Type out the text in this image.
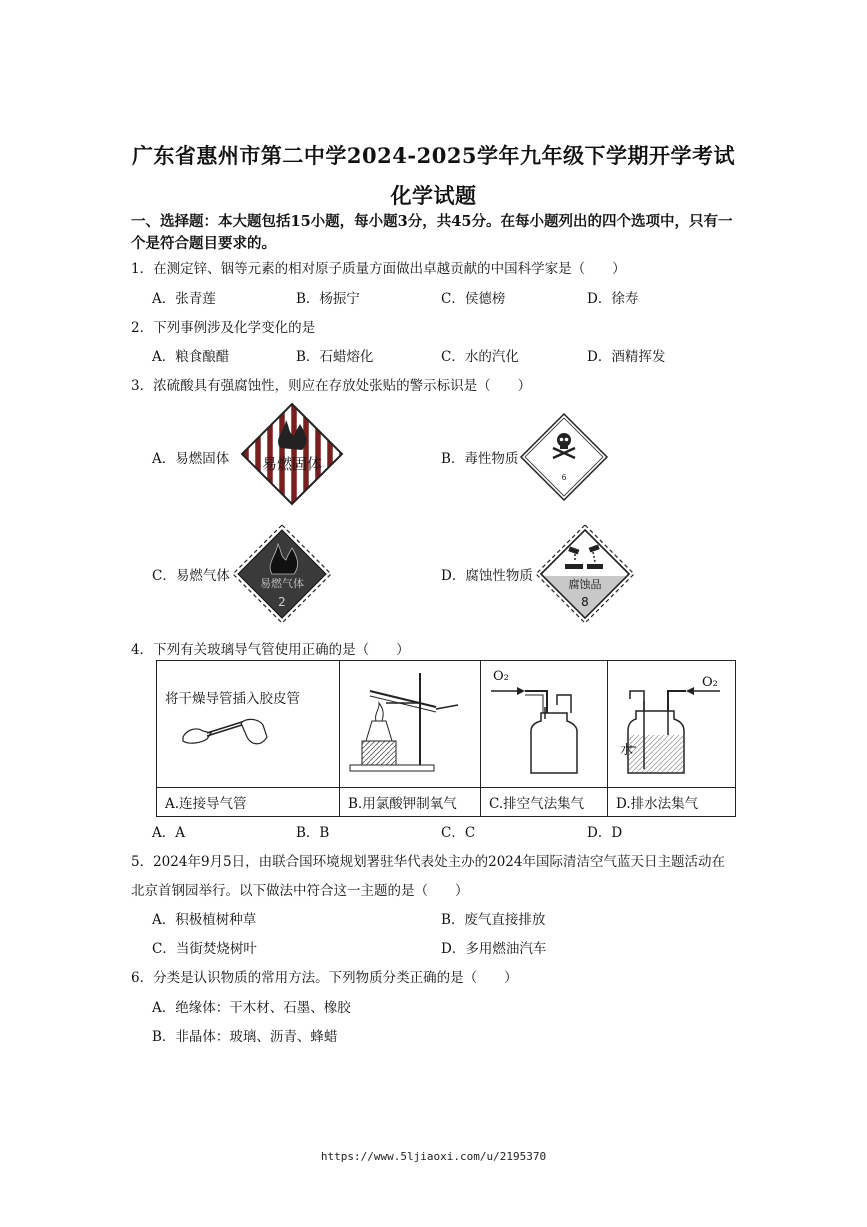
广东省惠州市第二中学2024-2025学年九年级下学期开学考试
化学试题
一、选择题：本大题包括15小题，每小题3分，共45分。在每小题列出的四个选项中，只有一个是符合题目要求的。
1．在测定锌、铟等元素的相对原子质量方面做出卓越贡献的中国科学家是（　　）
A．张青莲	B．杨振宁	C．侯德榜	D．徐寿
2．下列事例涉及化学变化的是
A．粮食酿醋	B．石蜡熔化	C．水的汽化	D．酒精挥发
3．浓硫酸具有强腐蚀性，则应在存放处张贴的警示标识是（　　）
A．易燃固体 易燃固体	B．毒性物质
6
C．易燃气体	易燃气体
2
D．腐蚀性物质
腐蚀品
8
4．下列有关玻璃导气管使用正确的是（　　）
将干燥导管插入胶皮管		O₂	O₂
水

A.连接导气管	B.用氯酸钾制氧气	C.排空气法集气	D.排水法集气
A．A	B．B	C．C	D．D
5．2024年9月5日，由联合国环境规划署驻华代表处主办的2024年国际清洁空气蓝天日主题活动在
北京首钢园举行。以下做法中符合这一主题的是（　　）
A．积极植树种草	B．废气直接排放
C．当街焚烧树叶	D．多用燃油汽车
6．分类是认识物质的常用方法。下列物质分类正确的是（　　）
A．绝缘体：干木材、石墨、橡胶
B．非晶体：玻璃、沥青、蜂蜡
https://www.5ljiaoxi.com/u/2195370
